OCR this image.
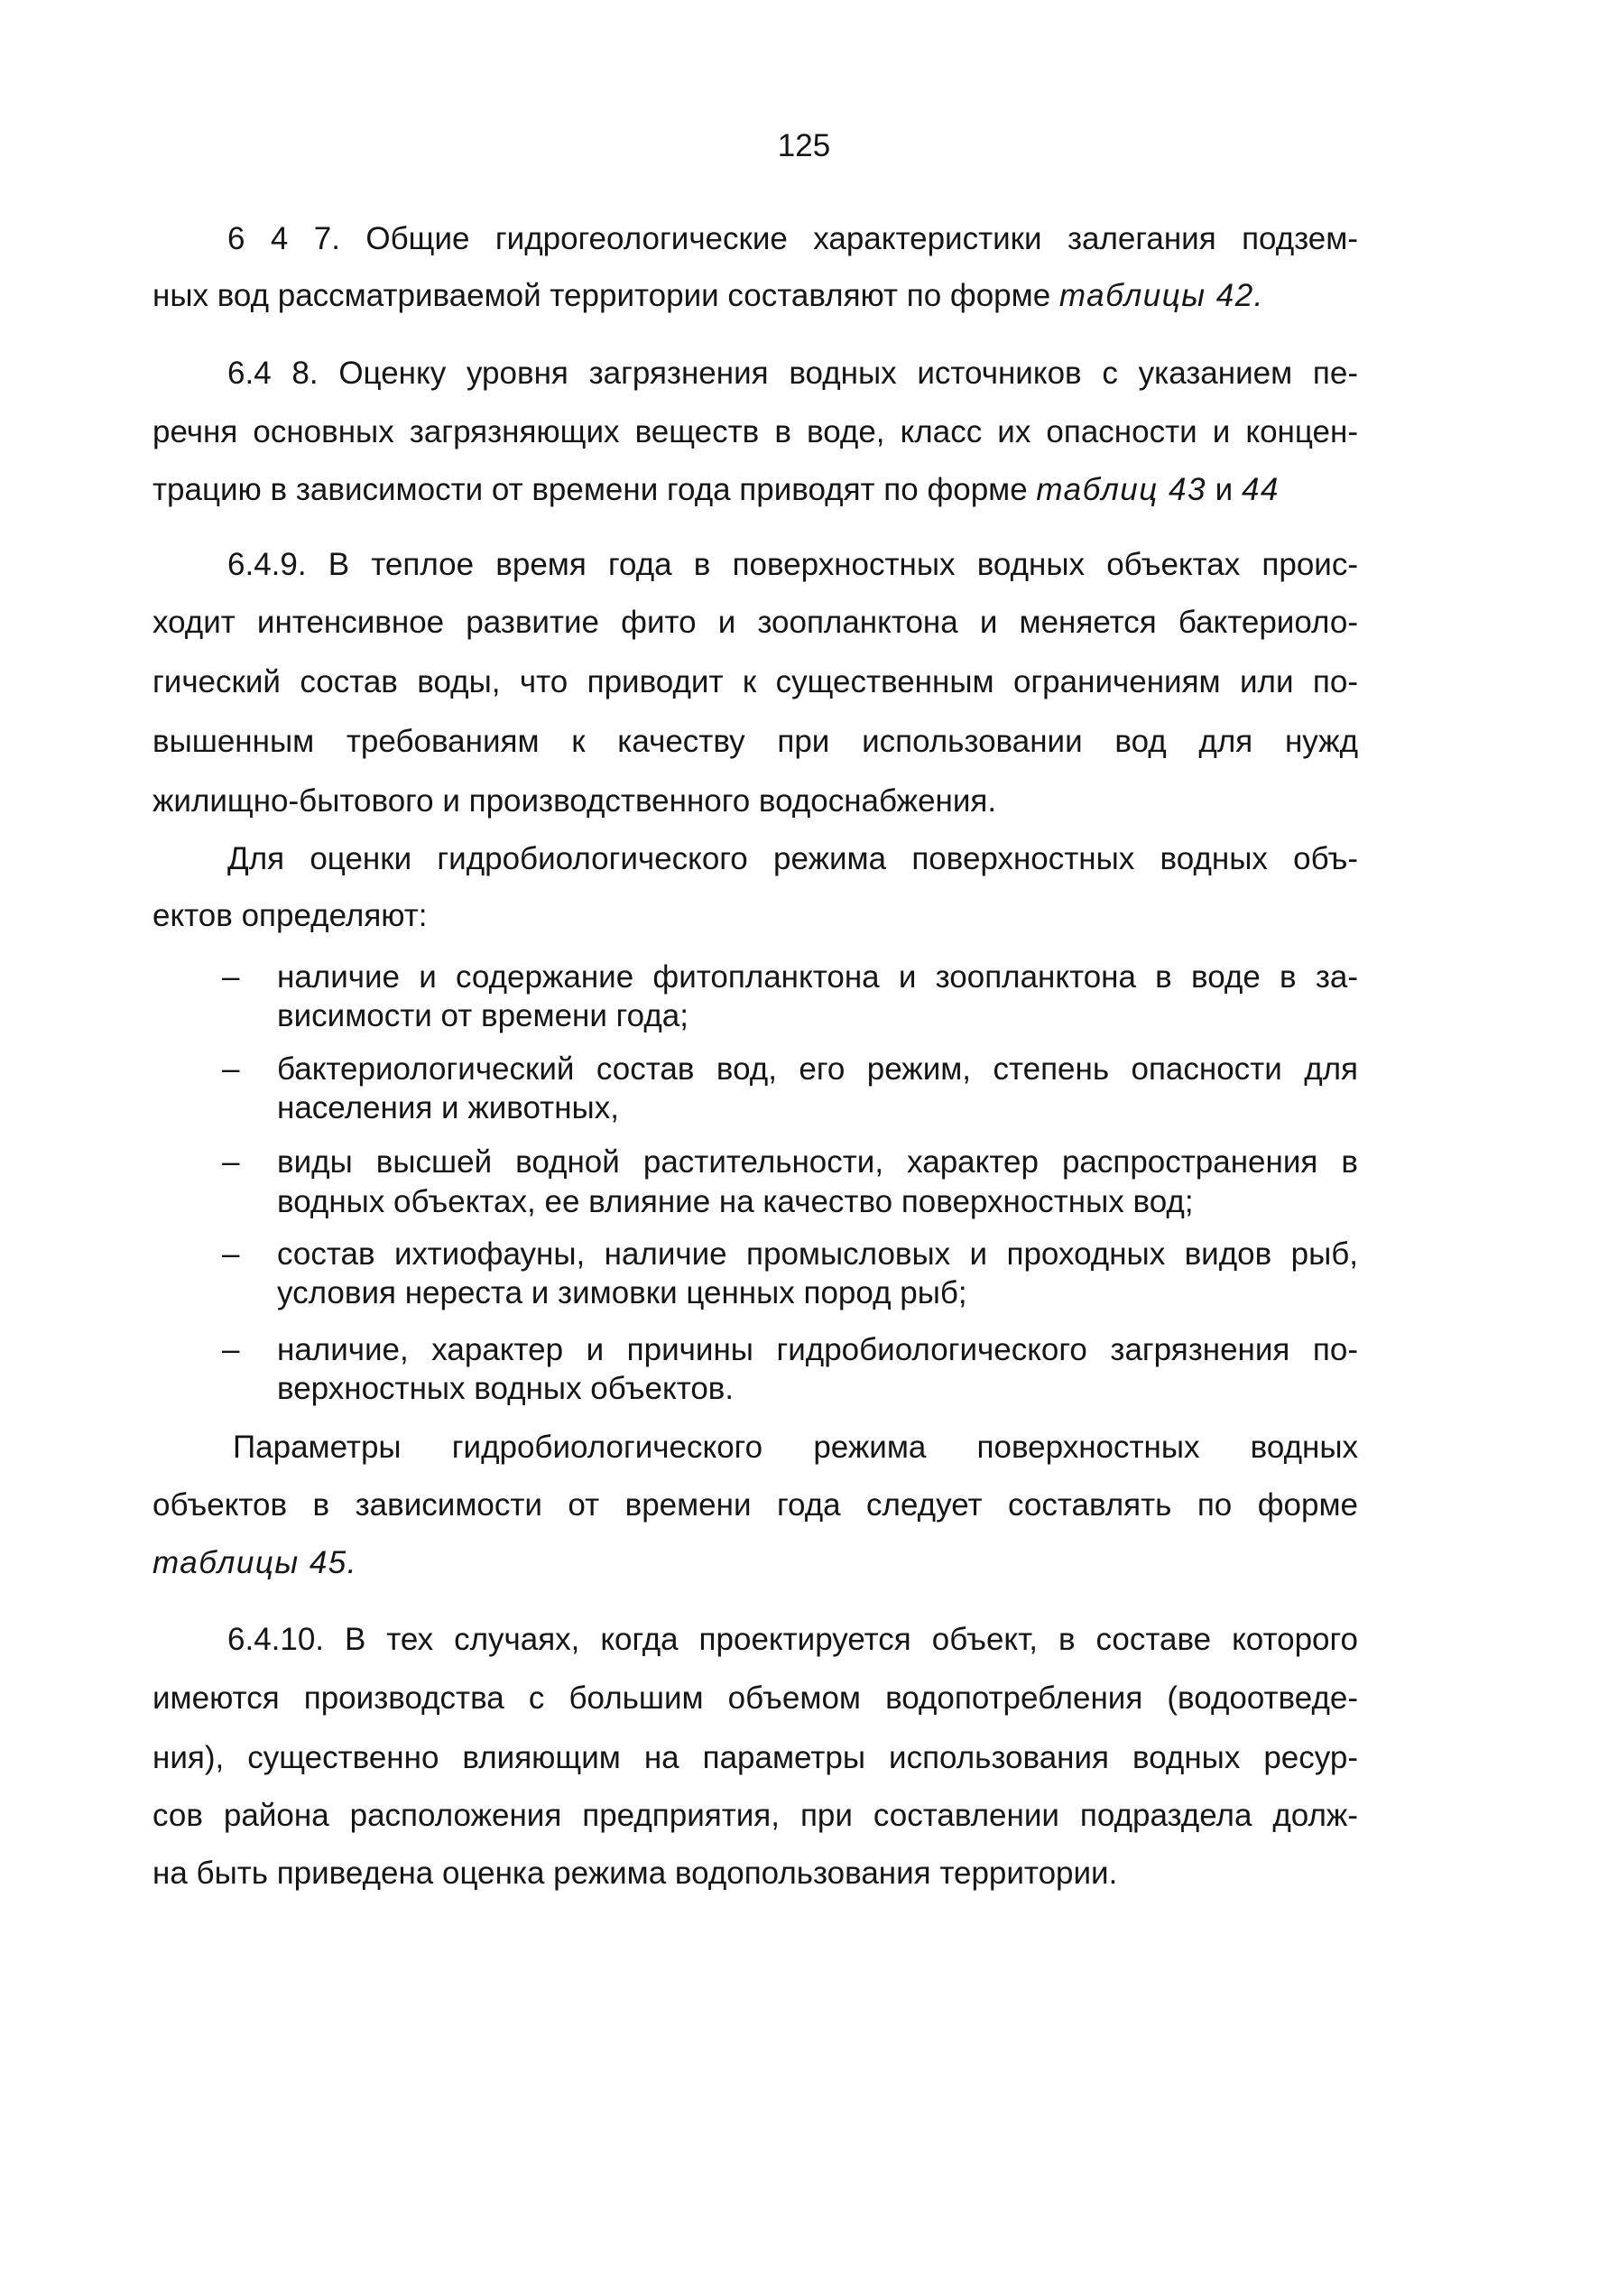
125

6 4 7. Общие гидрогеологические характеристики залегания подзем-

ных вод рассматриваемой территории составляют по форме таблицы 42.

6.4 8. Оценку уровня загрязнения водных источников с указанием пе-

речня основных загрязняющих веществ в воде, класс их опасности и концен-

трацию в зависимости от времени года приводят по форме таблиц 43 и 44

6.4.9. В теплое время года в поверхностных водных объектах проис-

ходит интенсивное развитие фито и зоопланктона и меняется бактериоло-

гический состав воды, что приводит к существенным ограничениям или по-

вышенным требованиям к качеству при использовании вод для нужд

жилищно-бытового и производственного водоснабжения.

Для оценки гидробиологического режима поверхностных водных объ-

ектов определяют:

– наличие и содержание фитопланктона и зоопланктона в воде в за-

висимости от времени года;

– бактериологический состав вод, его режим, степень опасности для

населения и животных,

– виды высшей водной растительности, характер распространения в

водных объектах, ее влияние на качество поверхностных вод;

– состав ихтиофауны, наличие промысловых и проходных видов рыб,

условия нереста и зимовки ценных пород рыб;

– наличие, характер и причины гидробиологического загрязнения по-

верхностных водных объектов.

Параметры гидробиологического режима поверхностных водных

объектов в зависимости от времени года следует составлять по форме

таблицы 45.

6.4.10. В тех случаях, когда проектируется объект, в составе которого

имеются производства с большим объемом водопотребления (водоотведе-

ния), существенно влияющим на параметры использования водных ресур-

сов района расположения предприятия, при составлении подраздела долж-

на быть приведена оценка режима водопользования территории.
